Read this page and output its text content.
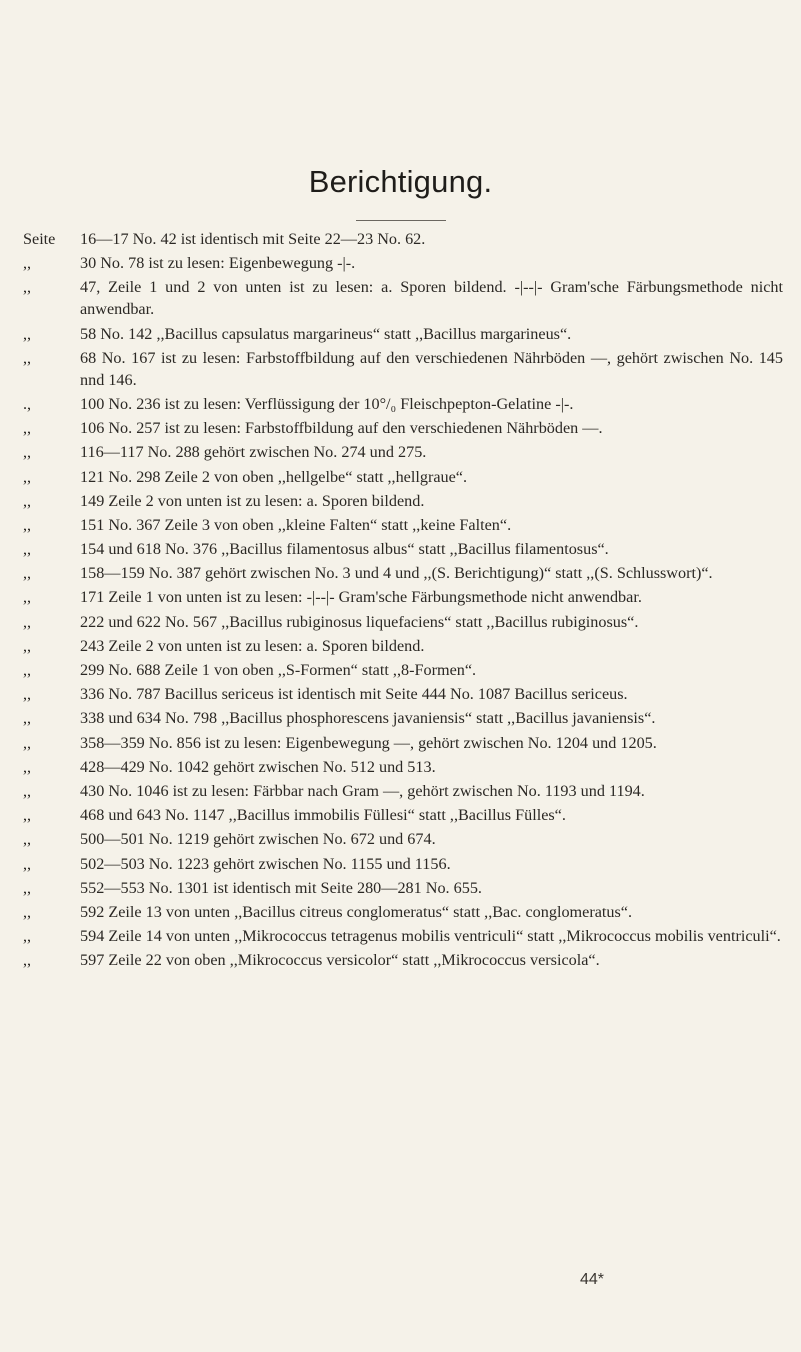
Berichtigung.
Seite	16—17 No. 42 ist identisch mit Seite 22—23 No. 62.
,,	30 No. 78 ist zu lesen: Eigenbewegung -|-.
,,	47, Zeile 1 und 2 von unten ist zu lesen: a. Sporen bildend. -|--|- Gram'sche Färbungsmethode nicht anwendbar.
,,	58 No. 142 ,,Bacillus capsulatus margarineus“ statt ,,Bacillus margarineus“.
,,	68 No. 167 ist zu lesen: Farbstoffbildung auf den verschiedenen Nährböden —, gehört zwischen No. 145 nnd 146.
.,	100 No. 236 ist zu lesen: Verflüssigung der 10°/₀ Fleischpepton-Gelatine -|-.
,,	106 No. 257 ist zu lesen: Farbstoffbildung auf den verschiedenen Nährböden —.
,,	116—117 No. 288 gehört zwischen No. 274 und 275.
,,	121 No. 298 Zeile 2 von oben ,,hellgelbe“ statt ,,hellgraue“.
,,	149 Zeile 2 von unten ist zu lesen: a. Sporen bildend.
,,	151 No. 367 Zeile 3 von oben ,,kleine Falten“ statt ,,keine Falten“.
,,	154 und 618 No. 376 ,,Bacillus filamentosus albus“ statt ,,Bacillus filamentosus“.
,,	158—159 No. 387 gehört zwischen No. 3 und 4 und ,,(S. Berichtigung)“ statt ,,(S. Schlusswort)“.
,,	171 Zeile 1 von unten ist zu lesen: -|--|- Gram'sche Färbungsmethode nicht anwendbar.
,,	222 und 622 No. 567 ,,Bacillus rubiginosus liquefaciens“ statt ,,Bacillus rubiginosus“.
,,	243 Zeile 2 von unten ist zu lesen: a. Sporen bildend.
,,	299 No. 688 Zeile 1 von oben ,,S-Formen“ statt ,,8-Formen“.
,,	336 No. 787 Bacillus sericeus ist identisch mit Seite 444 No. 1087 Bacillus sericeus.
,,	338 und 634 No. 798 ,,Bacillus phosphorescens javaniensis“ statt ,,Bacillus javaniensis“.
,,	358—359 No. 856 ist zu lesen: Eigenbewegung —, gehört zwischen No. 1204 und 1205.
,,	428—429 No. 1042 gehört zwischen No. 512 und 513.
,,	430 No. 1046 ist zu lesen: Färbbar nach Gram —, gehört zwischen No. 1193 und 1194.
,,	468 und 643 No. 1147 ,,Bacillus immobilis Füllesi“ statt ,,Bacillus Fülles“.
,,	500—501 No. 1219 gehört zwischen No. 672 und 674.
,,	502—503 No. 1223 gehört zwischen No. 1155 und 1156.
,,	552—553 No. 1301 ist identisch mit Seite 280—281 No. 655.
,,	592 Zeile 13 von unten ,,Bacillus citreus conglomeratus“ statt ,,Bac. conglomeratus“.
,,	594 Zeile 14 von unten ,,Mikrococcus tetragenus mobilis ventriculi“ statt ,,Mikrococcus mobilis ventriculi“.
,,	597 Zeile 22 von oben ,,Mikrococcus versicolor“ statt ,,Mikrococcus versicola“.
44*
